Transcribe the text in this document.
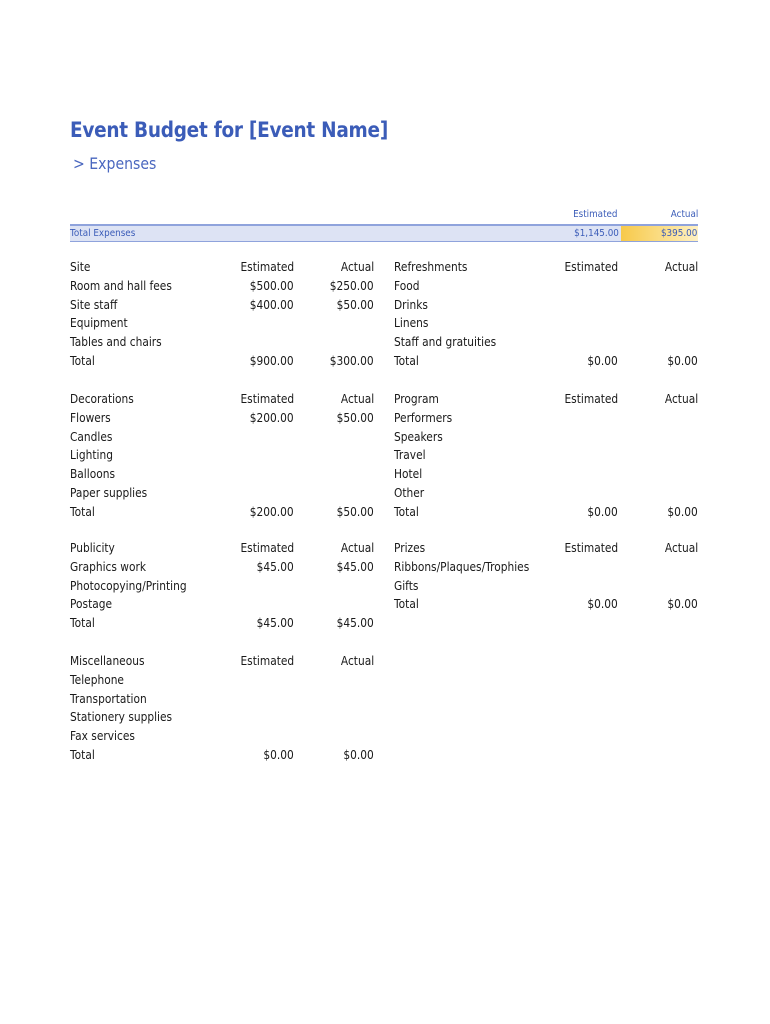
Event Budget for [Event Name]
> Expenses
Estimated	Actual
Total Expenses	$1,145.00	$395.00
Site	Estimated	Actual
Room and hall fees	$500.00	$250.00
Site staff	$400.00	$50.00
Equipment
Tables and chairs
Total	$900.00	$300.00
Refreshments	Estimated	Actual
Food
Drinks
Linens
Staff and gratuities
Total	$0.00	$0.00
Decorations	Estimated	Actual
Flowers	$200.00	$50.00
Candles
Lighting
Balloons
Paper supplies
Total	$200.00	$50.00
Program	Estimated	Actual
Performers
Speakers
Travel
Hotel
Other
Total	$0.00	$0.00
Publicity	Estimated	Actual
Graphics work	$45.00	$45.00
Photocopying/Printing
Postage
Total	$45.00	$45.00
Prizes	Estimated	Actual
Ribbons/Plaques/Trophies
Gifts
Total	$0.00	$0.00
Miscellaneous	Estimated	Actual
Telephone
Transportation
Stationery supplies
Fax services
Total	$0.00	$0.00
